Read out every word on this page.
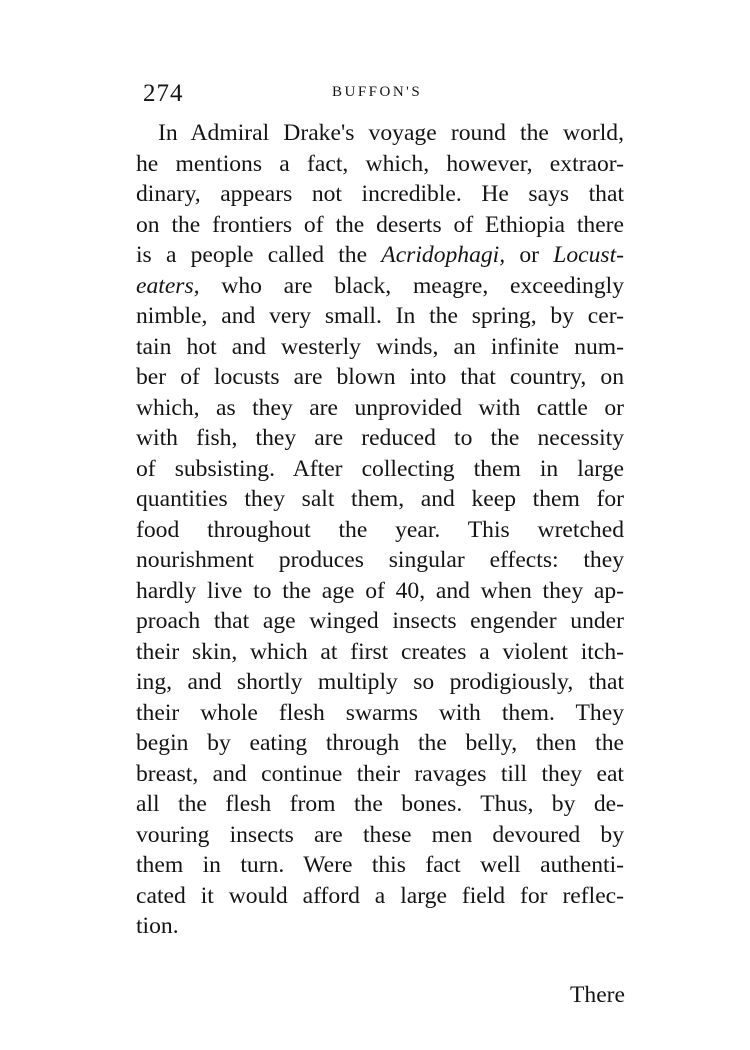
274	BUFFON'S
In Admiral Drake's voyage round the world,
he mentions a fact, which, however, extraor-
dinary, appears not incredible. He says that
on the frontiers of the deserts of Ethiopia there
is a people called the Acridophagi, or Locust-
eaters, who are black, meagre, exceedingly
nimble, and very small. In the spring, by cer-
tain hot and westerly winds, an infinite num-
ber of locusts are blown into that country, on
which, as they are unprovided with cattle or
with fish, they are reduced to the necessity
of subsisting. After collecting them in large
quantities they salt them, and keep them for
food throughout the year. This wretched
nourishment produces singular effects: they
hardly live to the age of 40, and when they ap-
proach that age winged insects engender under
their skin, which at first creates a violent itch-
ing, and shortly multiply so prodigiously, that
their whole flesh swarms with them. They
begin by eating through the belly, then the
breast, and continue their ravages till they eat
all the flesh from the bones. Thus, by de-
vouring insects are these men devoured by
them in turn. Were this fact well authenti-
cated it would afford a large field for reflec-
tion.
There
